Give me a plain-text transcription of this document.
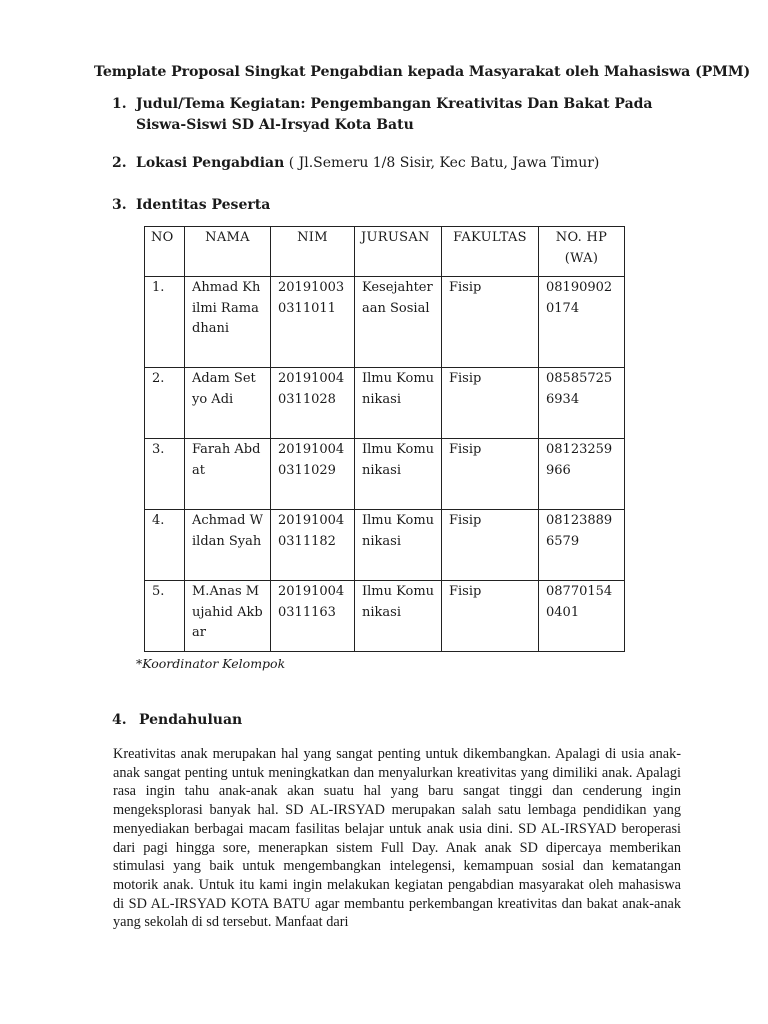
Template Proposal Singkat Pengabdian kepada Masyarakat oleh Mahasiswa (PMM)
1. Judul/Tema Kegiatan: Pengembangan Kreativitas Dan Bakat Pada Siswa-Siswi SD Al-Irsyad Kota Batu
2. Lokasi Pengabdian ( Jl.Semeru 1/8 Sisir, Kec Batu, Jawa Timur)
3. Identitas Peserta
NO	NAMA	NIM	JURUSAN	FAKULTAS	NO. HP (WA)
1.	Ahmad Khilmi Ramadhani	201910030311011	Kesejahteraan Sosial	Fisip	081909020174
2.	Adam Setyo Adi	201910040311028	Ilmu Komunikasi	Fisip	085857256934
3.	Farah Abdat	201910040311029	Ilmu Komunikasi	Fisip	08123259966
4.	Achmad Wildan Syah	201910040311182	Ilmu Komunikasi	Fisip	081238896579
5.	M.Anas Mujahid Akbar	201910040311163	Ilmu Komunikasi	Fisip	087701540401
*Koordinator Kelompok
4. Pendahuluan
Kreativitas anak merupakan hal yang sangat penting untuk dikembangkan. Apalagi di usia anak-anak sangat penting untuk meningkatkan dan menyalurkan kreativitas yang dimiliki anak. Apalagi rasa ingin tahu anak-anak akan suatu hal yang baru sangat tinggi dan cenderung ingin mengeksplorasi banyak hal. SD AL-IRSYAD merupakan salah satu lembaga pendidikan yang menyediakan berbagai macam fasilitas belajar untuk anak usia dini. SD AL-IRSYAD beroperasi dari pagi hingga sore, menerapkan sistem Full Day. Anak anak SD dipercaya memberikan stimulasi yang baik untuk mengembangkan intelegensi, kemampuan sosial dan kematangan motorik anak. Untuk itu kami ingin melakukan kegiatan pengabdian masyarakat oleh mahasiswa di SD AL-IRSYAD KOTA BATU agar membantu perkembangan kreativitas dan bakat anak-anak yang sekolah di sd tersebut. Manfaat dari
